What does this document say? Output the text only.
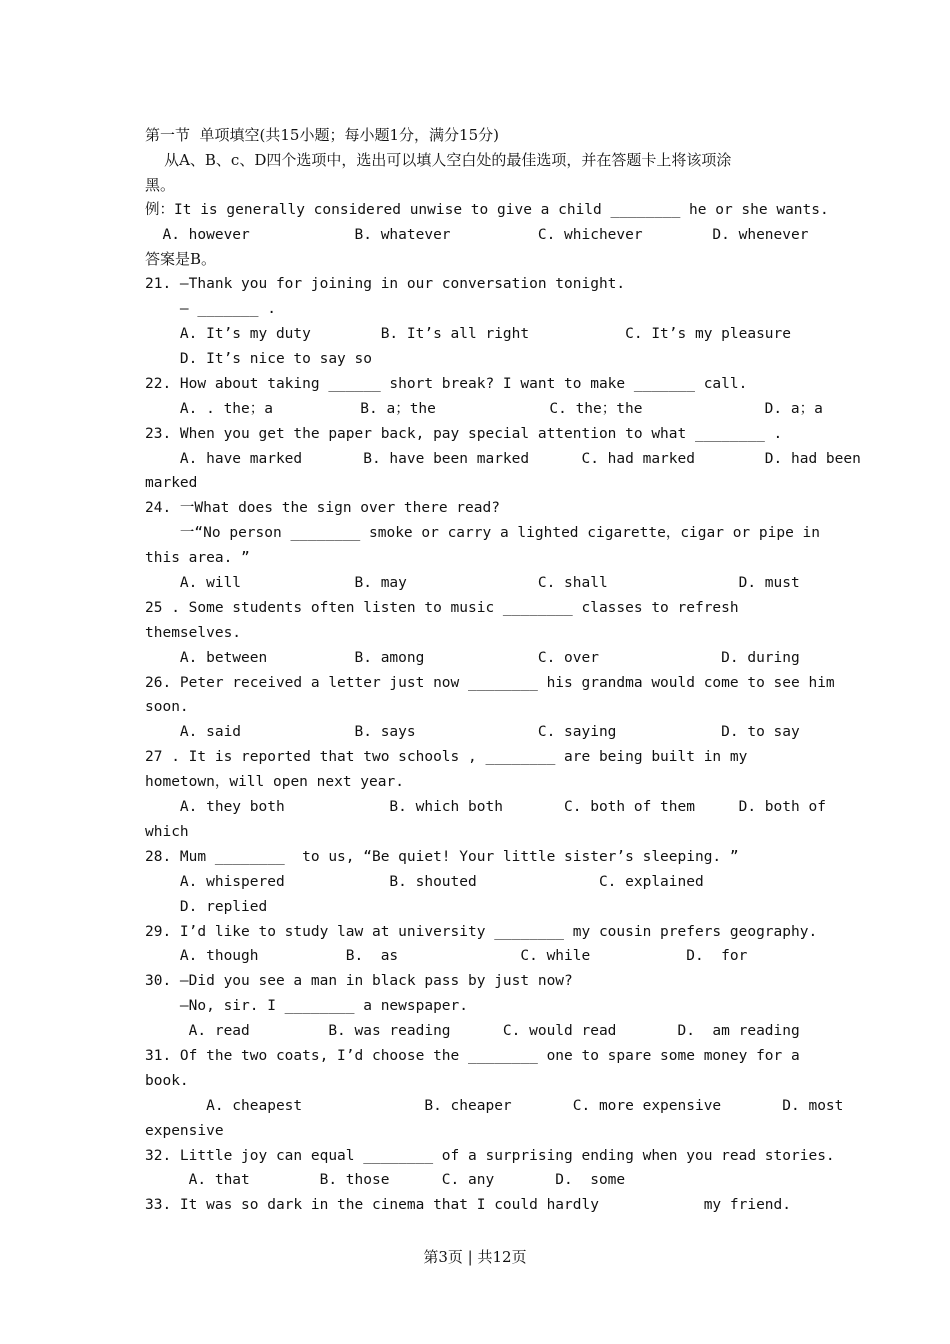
第一节  单项填空(共15小题；每小题1分，满分15分)
从A、B、c、D四个选项中，选出可以填人空白处的最佳选项，并在答题卡上将该项涂
黑。
例：It is generally considered unwise to give a child ________ he or she wants.
A. however            B. whatever          C. whichever        D. whenever
答案是B。
21. —Thank you for joining in our conversation tonight.
— _______ .
A. It’s my duty        B. It’s all right           C. It’s my pleasure
D. It’s nice to say so
22. How about taking ______ short break? I want to make _______ call.
A. . the；a          B. a；the             C. the；the              D. a；a
23. When you get the paper back, pay special attention to what ________ .
A. have marked       B. have been marked      C. had marked        D. had been
marked
24. 一What does the sign over there read?
一“No person ________ smoke or carry a lighted cigarette，cigar or pipe in
this area. ”
A. will             B. may               C. shall               D. must
25 . Some students often listen to music ________ classes to refresh
themselves.
A. between          B. among             C. over              D. during
26. Peter received a letter just now ________ his grandma would come to see him
soon.
A. said             B. says              C. saying            D. to say
27 . It is reported that two schools , ________ are being built in my
hometown，will open next year.
A. they both            B. which both       C. both of them     D. both of
which
28. Mum ________  to us, “Be quiet! Your little sister’s sleeping. ”
A. whispered            B. shouted              C. explained
D. replied
29. I’d like to study law at university ________ my cousin prefers geography.
A. though          B.  as              C. while           D.  for
30. —Did you see a man in black pass by just now?
—No, sir. I ________ a newspaper.
A. read         B. was reading      C. would read       D.  am reading
31. Of the two coats, I’d choose the ________ one to spare some money for a
book.
A. cheapest              B. cheaper       C. more expensive       D. most
expensive
32. Little joy can equal ________ of a surprising ending when you read stories.
A. that        B. those      C. any       D.  some
33. It was so dark in the cinema that I could hardly            my friend.
第3页 | 共12页
